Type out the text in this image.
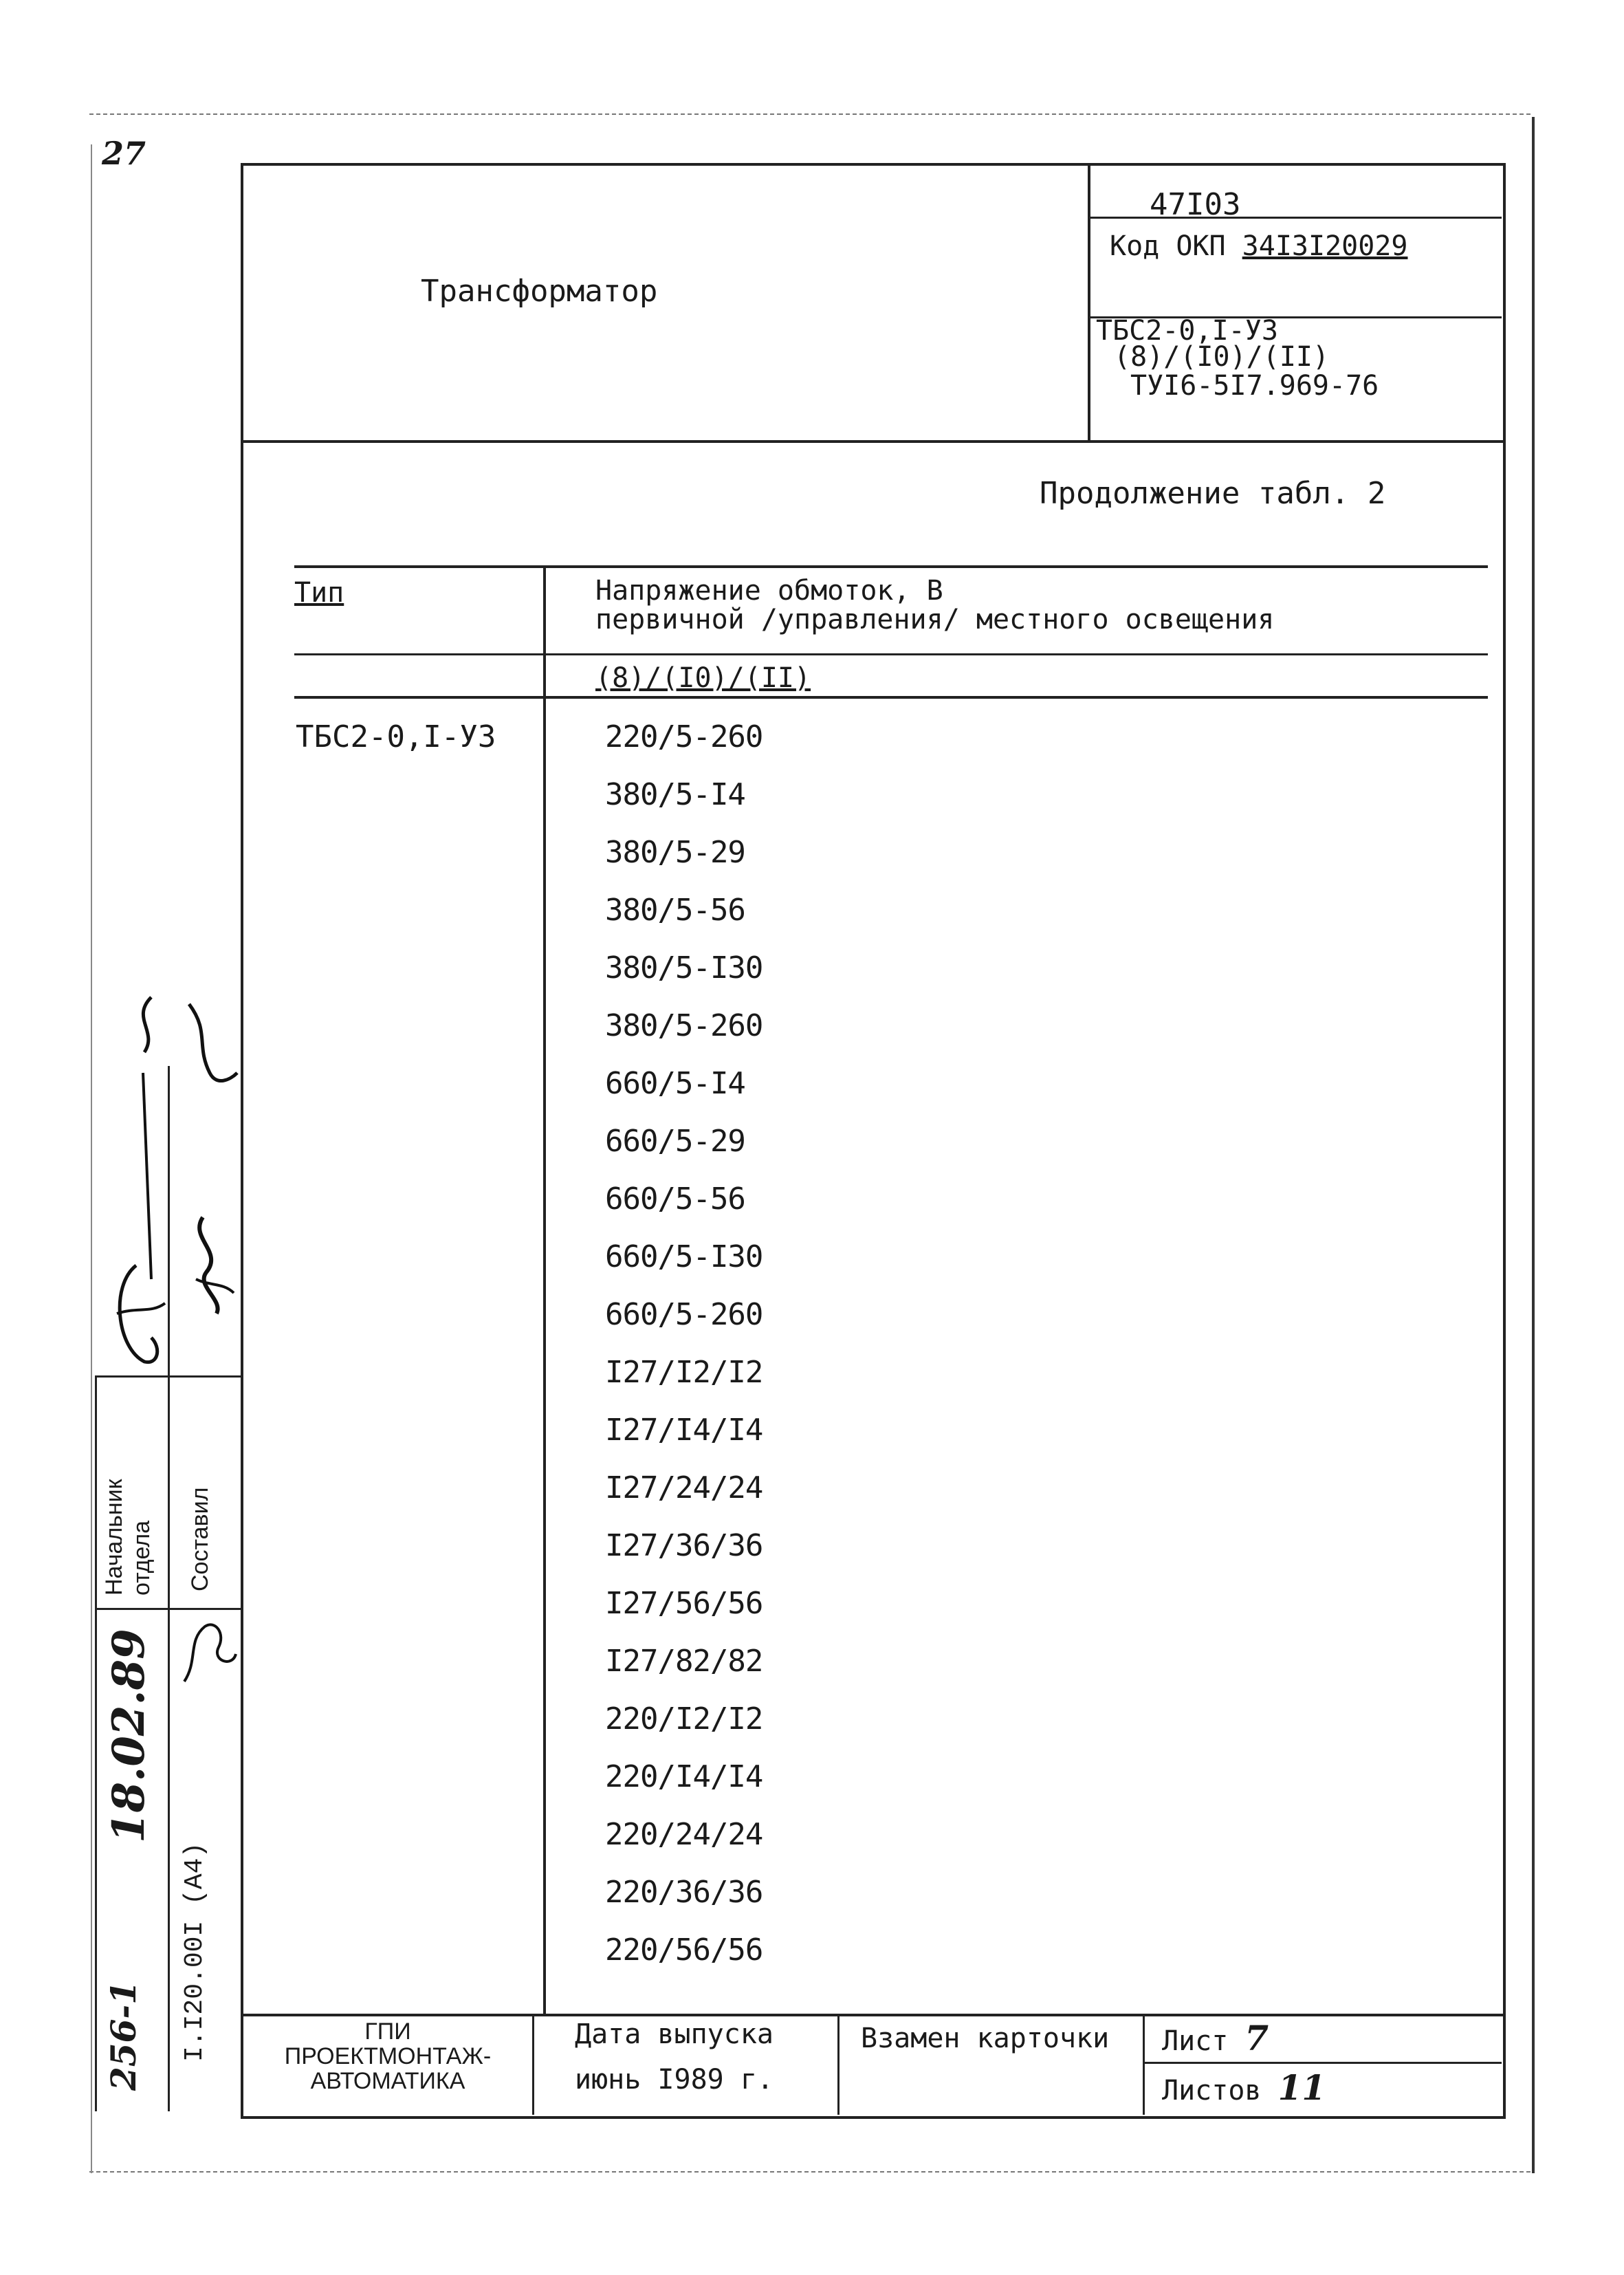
27
Трансформатор
47I03
Код ОКП 34I3I20029
ТБС2-0,I-У3
(8)/(I0)/(II)
ТУI6-5I7.969-76
Продолжение табл. 2
Тип	Напряжение обмоток, В
первичной /управления/ местного освещения
(8)/(I0)/(II)
ТБС2-0,I-У3	220/5-260
380/5-I4
380/5-29
380/5-56
380/5-I30
380/5-260
660/5-I4
660/5-29
660/5-56
660/5-I30
660/5-260
I27/I2/I2
I27/I4/I4
I27/24/24
I27/36/36
I27/56/56
I27/82/82
220/I2/I2
220/I4/I4
220/24/24
220/36/36
220/56/56
ГПИ
ПРОЕКТМОНТАЖ-
АВТОМАТИКА
Дата выпуска
июнь I989 г.
Взамен карточки Лист 7
Листов 11
Начальник отдела Составил
18.02.89
I.I20.00I (A4)
256-1
